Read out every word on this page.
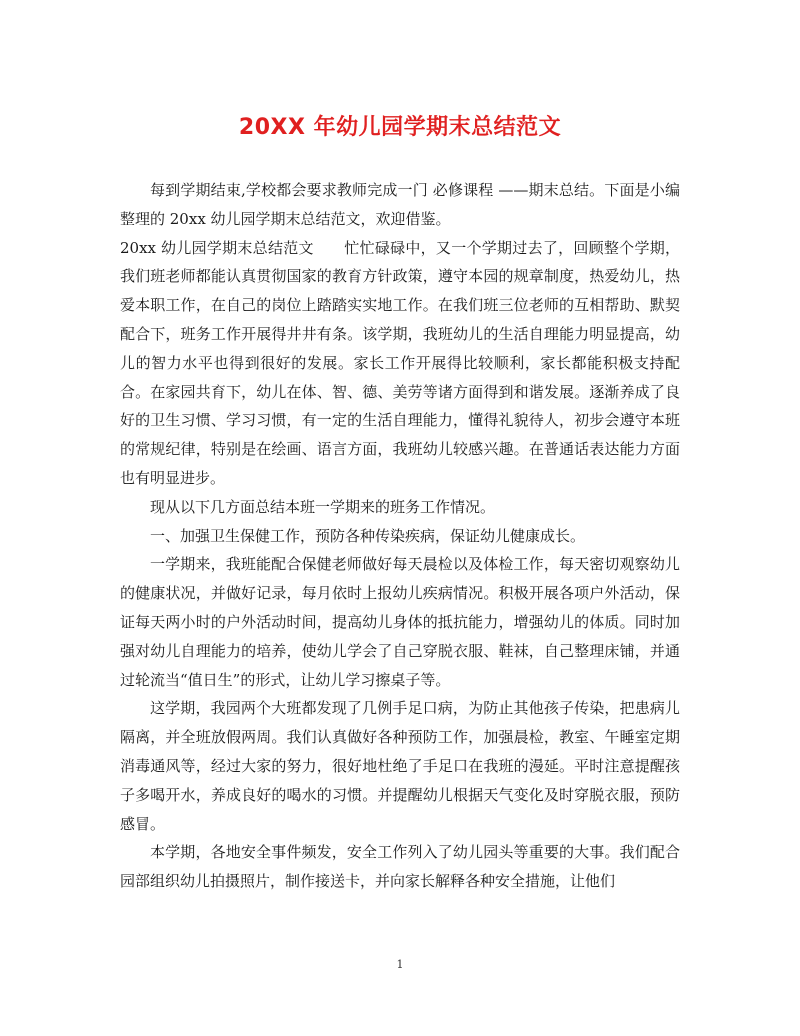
20XX 年幼儿园学期末总结范文

每到学期结束,学校都会要求教师完成一门 必修课程 ——期末总结。下面是小编整理的 20xx 幼儿园学期末总结范文，欢迎借鉴。

20xx 幼儿园学期末总结范文　　忙忙碌碌中，又一个学期过去了，回顾整个学期，我们班老师都能认真贯彻国家的教育方针政策，遵守本园的规章制度，热爱幼儿，热爱本职工作，在自己的岗位上踏踏实实地工作。在我们班三位老师的互相帮助、默契配合下，班务工作开展得井井有条。该学期，我班幼儿的生活自理能力明显提高，幼儿的智力水平也得到很好的发展。家长工作开展得比较顺利，家长都能积极支持配合。在家园共育下，幼儿在体、智、德、美劳等诸方面得到和谐发展。逐渐养成了良好的卫生习惯、学习习惯，有一定的生活自理能力，懂得礼貌待人，初步会遵守本班的常规纪律，特别是在绘画、语言方面，我班幼儿较感兴趣。在普通话表达能力方面也有明显进步。

现从以下几方面总结本班一学期来的班务工作情况。

一、加强卫生保健工作，预防各种传染疾病，保证幼儿健康成长。

一学期来，我班能配合保健老师做好每天晨检以及体检工作，每天密切观察幼儿的健康状况，并做好记录，每月依时上报幼儿疾病情况。积极开展各项户外活动，保证每天两小时的户外活动时间，提高幼儿身体的抵抗能力，增强幼儿的体质。同时加强对幼儿自理能力的培养，使幼儿学会了自己穿脱衣服、鞋袜，自己整理床铺，并通过轮流当“值日生”的形式，让幼儿学习擦桌子等。

这学期，我园两个大班都发现了几例手足口病，为防止其他孩子传染，把患病儿隔离，并全班放假两周。我们认真做好各种预防工作，加强晨检，教室、午睡室定期消毒通风等，经过大家的努力，很好地杜绝了手足口在我班的漫延。平时注意提醒孩子多喝开水，养成良好的喝水的习惯。并提醒幼儿根据天气变化及时穿脱衣服，预防感冒。

本学期，各地安全事件频发，安全工作列入了幼儿园头等重要的大事。我们配合园部组织幼儿拍摄照片，制作接送卡，并向家长解释各种安全措施，让他们

1
